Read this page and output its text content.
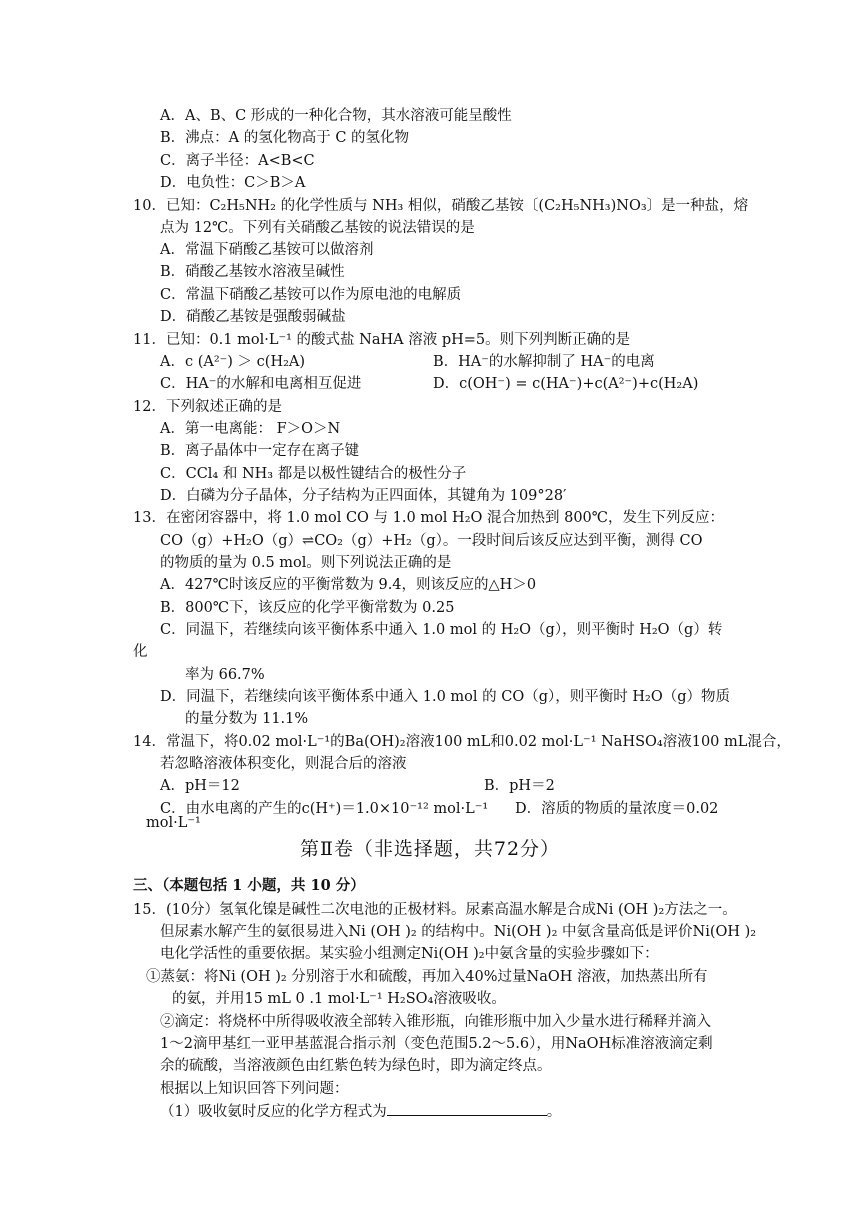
A．A、B、C 形成的一种化合物，其水溶液可能呈酸性
B．沸点：A 的氢化物高于 C 的氢化物
C．离子半径：A<B<C
D．电负性：C＞B＞A
10．已知：C₂H₅NH₂ 的化学性质与 NH₃ 相似，硝酸乙基铵〔(C₂H₅NH₃)NO₃〕是一种盐，熔
点为 12℃。下列有关硝酸乙基铵的说法错误的是
A．常温下硝酸乙基铵可以做溶剂
B．硝酸乙基铵水溶液呈碱性
C．常温下硝酸乙基铵可以作为原电池的电解质
D．硝酸乙基铵是强酸弱碱盐
11．已知：0.1 mol·L⁻¹ 的酸式盐 NaHA 溶液 pH=5。则下列判断正确的是
A．c (A²⁻) ＞ c(H₂A)	B．HA⁻的水解抑制了 HA⁻的电离
C．HA⁻的水解和电离相互促进	D．c(OH⁻) = c(HA⁻)+c(A²⁻)+c(H₂A)
12．下列叙述正确的是
A．第一电离能： F＞O＞N
B．离子晶体中一定存在离子键
C．CCl₄ 和 NH₃ 都是以极性键结合的极性分子
D．白磷为分子晶体，分子结构为正四面体，其键角为 109°28′
13．在密闭容器中，将 1.0 mol CO 与 1.0 mol H₂O 混合加热到 800℃，发生下列反应：
CO（g）+H₂O（g）⇌CO₂（g）+H₂（g）。一段时间后该反应达到平衡，测得 CO
的物质的量为 0.5 mol。则下列说法正确的是
A．427℃时该反应的平衡常数为 9.4，则该反应的△H＞0
B．800℃下，该反应的化学平衡常数为 0.25
C．同温下，若继续向该平衡体系中通入 1.0 mol 的 H₂O（g），则平衡时 H₂O（g）转
化
率为 66.7%
D．同温下，若继续向该平衡体系中通入 1.0 mol 的 CO（g），则平衡时 H₂O（g）物质
的量分数为 11.1%
14．常温下，将0.02 mol·L⁻¹的Ba(OH)₂溶液100 mL和0.02 mol·L⁻¹ NaHSO₄溶液100 mL混合，
若忽略溶液体积变化，则混合后的溶液
A．pH＝12	B．pH＝2
C．由水电离的产生的c(H⁺)＝1.0×10⁻¹² mol·L⁻¹ D．溶质的物质的量浓度＝0.02
mol·L⁻¹
第Ⅱ卷（非选择题，共72分）
三、（本题包括 1 小题，共 10 分）
15．(10分）氢氧化镍是碱性二次电池的正极材料。尿素高温水解是合成Ni (OH )₂方法之一。
但尿素水解产生的氨很易进入Ni (OH )₂ 的结构中。Ni(OH )₂ 中氨含量高低是评价Ni(OH )₂
电化学活性的重要依据。某实验小组测定Ni(OH )₂中氨含量的实验步骤如下：
①蒸氨：将Ni (OH )₂ 分别溶于水和硫酸，再加入40%过量NaOH 溶液，加热蒸出所有
的氨，并用15 mL 0 .1 mol·L⁻¹ H₂SO₄溶液吸收。
②滴定：将烧杯中所得吸收液全部转入锥形瓶，向锥形瓶中加入少量水进行稀释并滴入
1～2滴甲基红一亚甲基蓝混合指示剂（变色范围5.2～5.6），用NaOH标准溶液滴定剩
余的硫酸，当溶液颜色由红紫色转为绿色时，即为滴定终点。
根据以上知识回答下列问题：
（1）吸收氨时反应的化学方程式为	。
